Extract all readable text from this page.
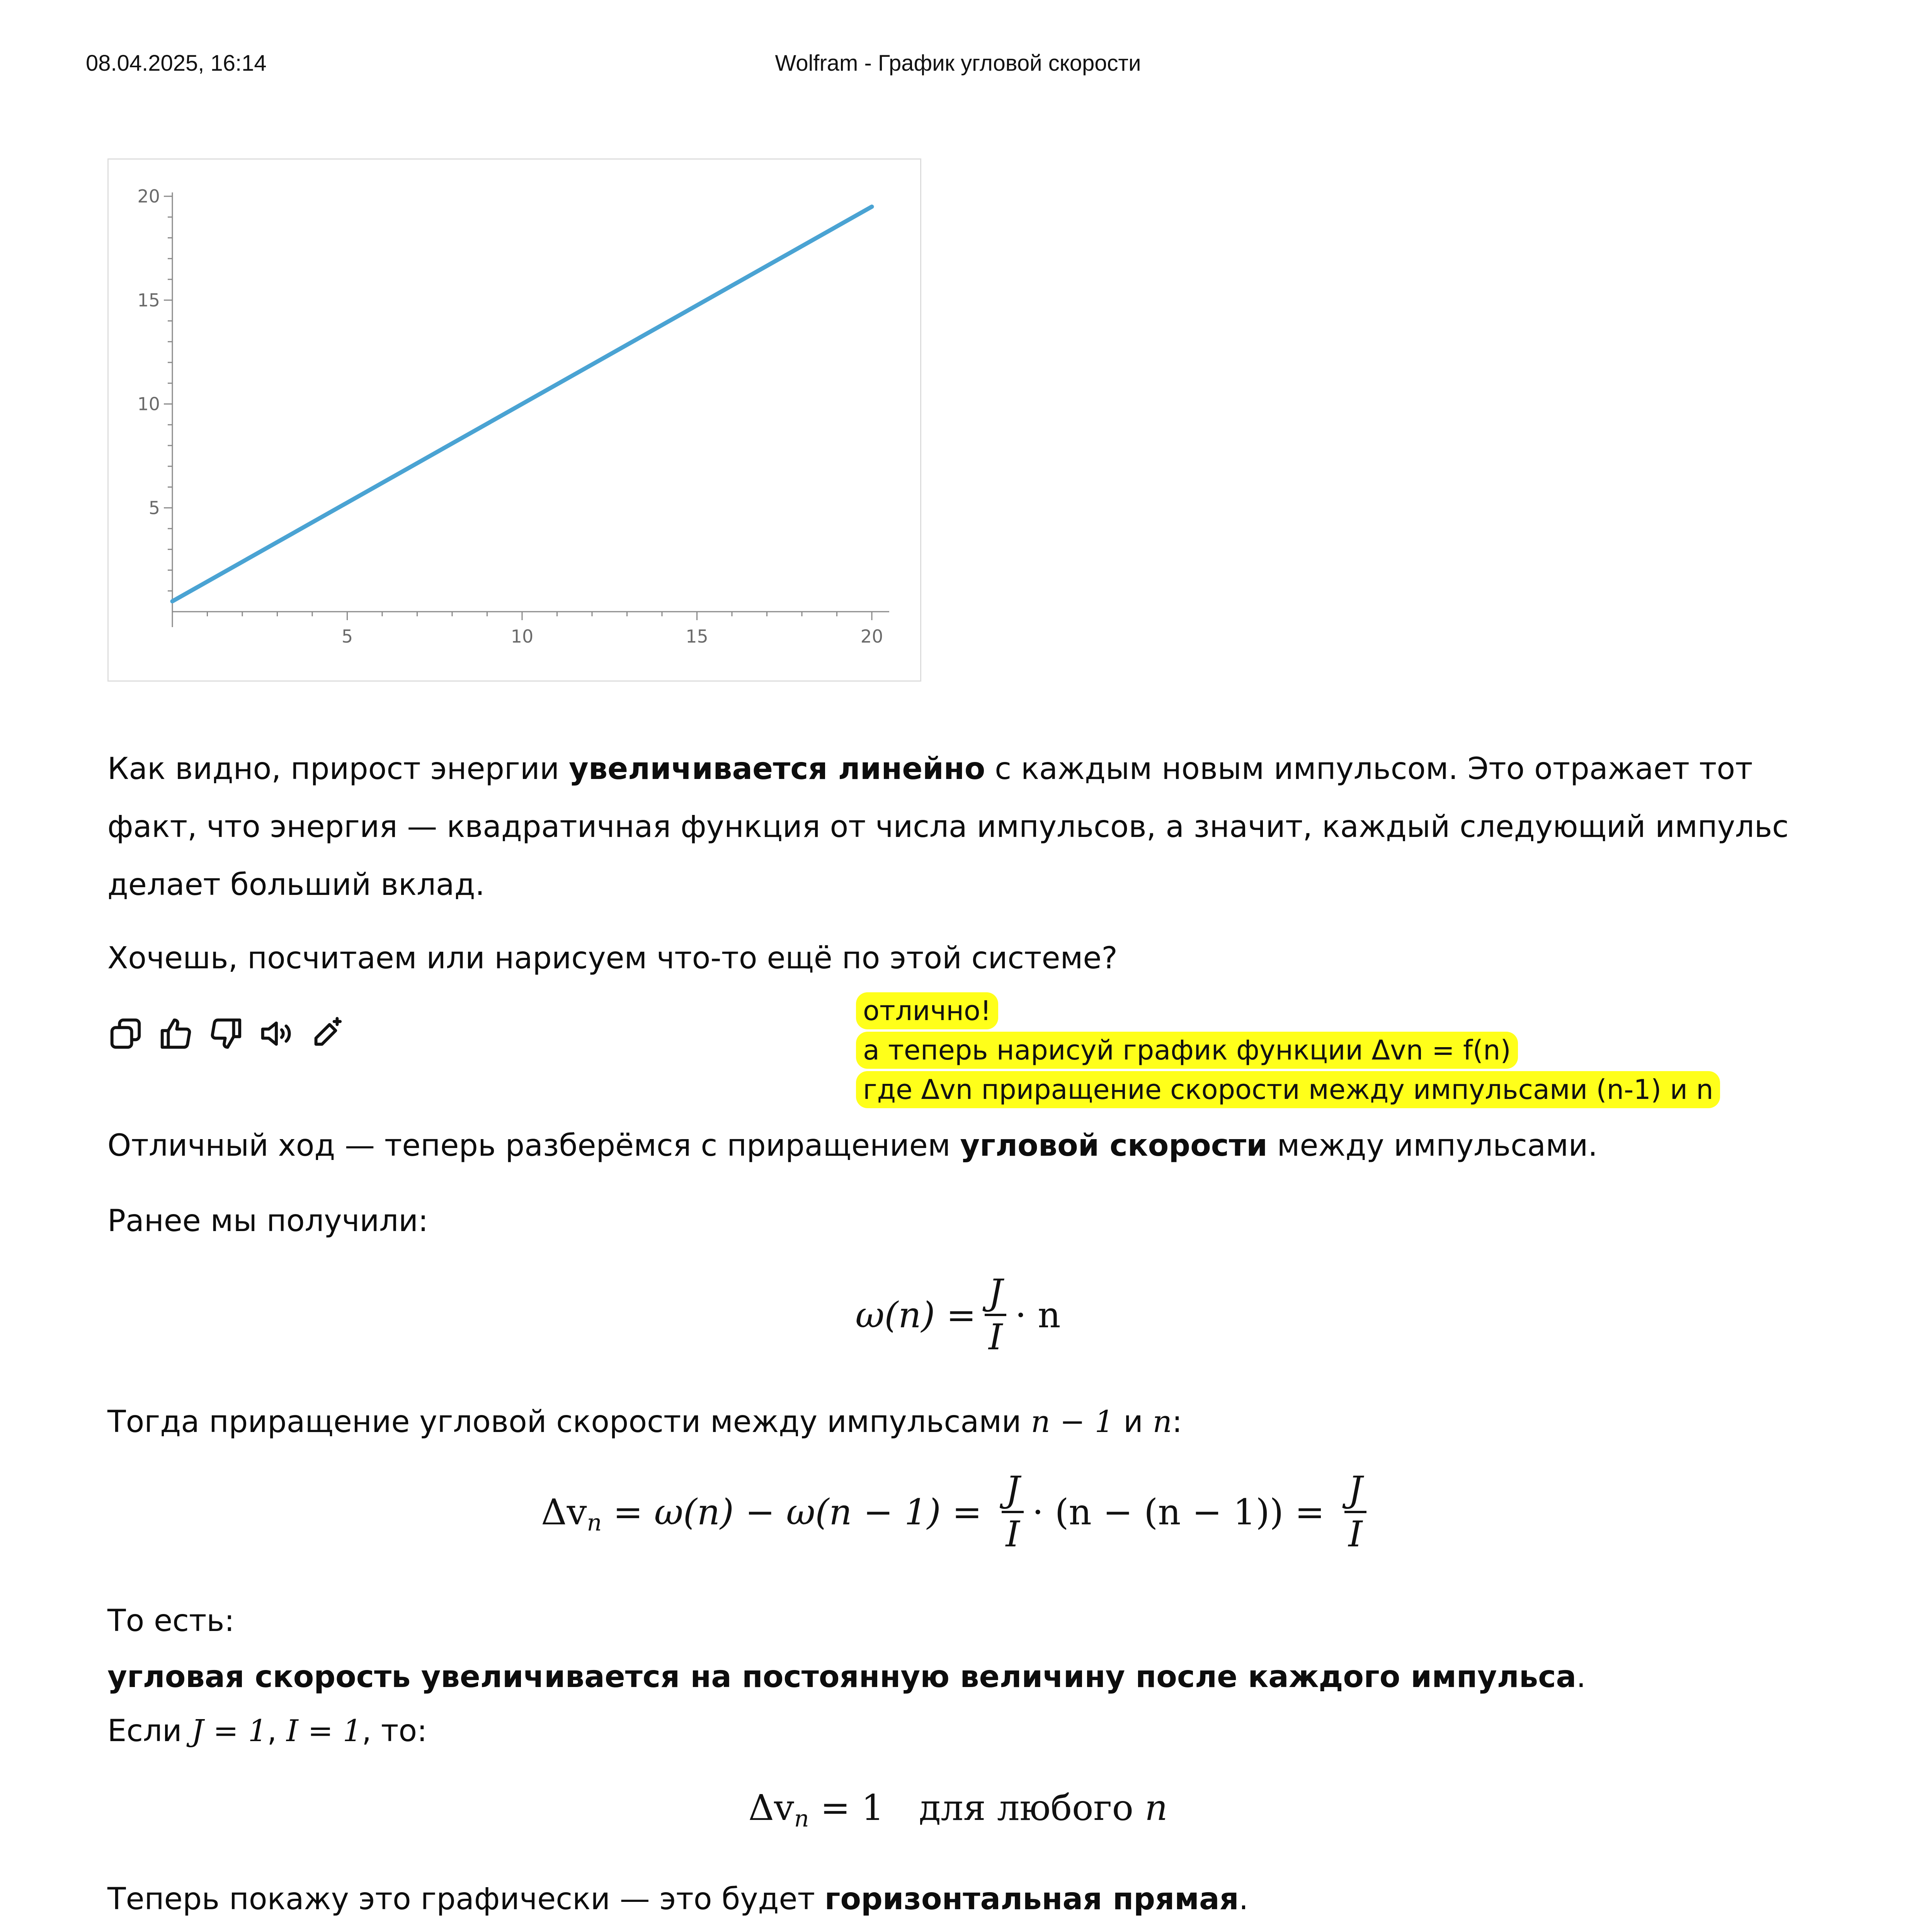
08.04.2025, 16:14	Wolfram - График угловой скорости
5	10	15	20
5
10
15
20

Как видно, прирост энергии увеличивается линейно с каждым новым импульсом. Это отражает тот

факт, что энергия — квадратичная функция от числа импульсов, а значит, каждый следующий импульс

делает больший вклад.

Хочешь, посчитаем или нарисуем что-то ещё по этой системе?

отлично!
а теперь нарисуй график функции Δvn = f(n)
где Δvn приращение скорости между импульсами (n-1) и n

Отличный ход — теперь разберёмся с приращением угловой скорости между импульсами.

Ранее мы получили:

$\omega(n) = \frac{J}{I} \cdot n$

Тогда приращение угловой скорости между импульсами n − 1 и n:

Δv $n = \omega(n) - \omega(n - 1) = \frac{J}{I} \cdot (n - (n - 1)) = \frac{J}{I}$

То есть:

угловая скорость увеличивается на постоянную величину после каждого импульса.

Если J = 1, I = 1, то:

Δv n = 1 для любого n

Теперь покажу это графически — это будет горизонтальная прямая.
